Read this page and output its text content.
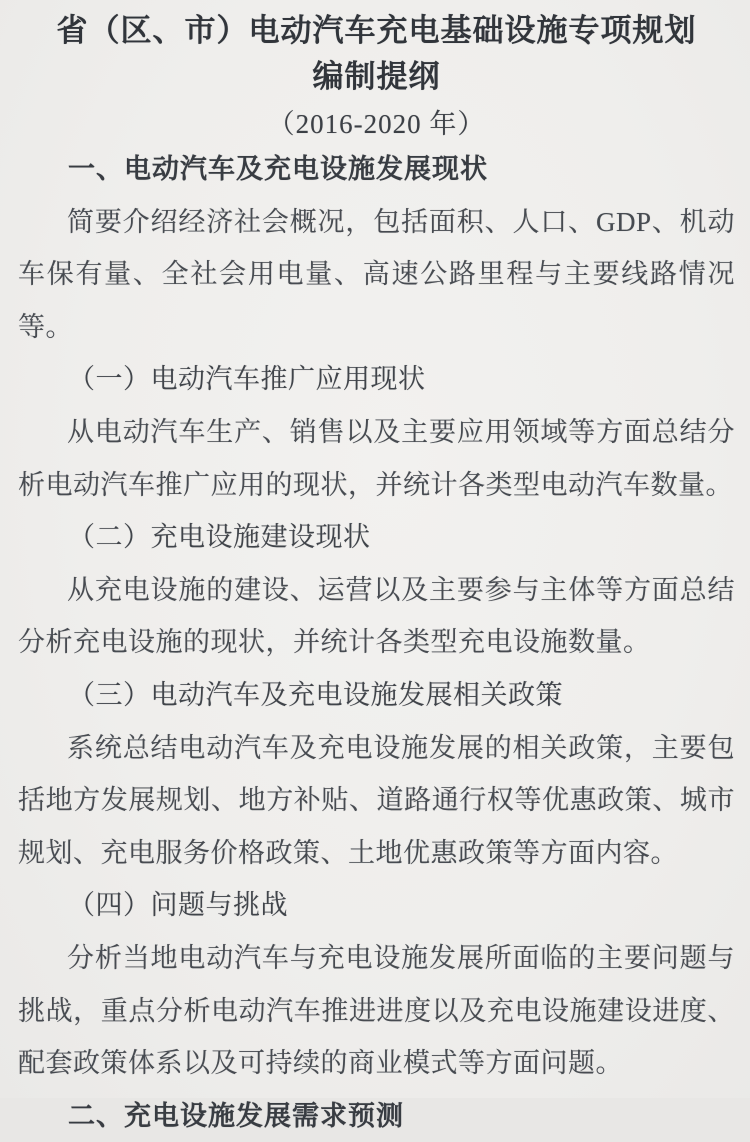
省（区、市）电动汽车充电基础设施专项规划
编制提纲
（2016-2020 年）
一、电动汽车及充电设施发展现状

简要介绍经济社会概况，包括面积、人口、GDP、机动车保有量、全社会用电量、高速公路里程与主要线路情况等。

（一）电动汽车推广应用现状

从电动汽车生产、销售以及主要应用领域等方面总结分析电动汽车推广应用的现状，并统计各类型电动汽车数量。

（二）充电设施建设现状

从充电设施的建设、运营以及主要参与主体等方面总结分析充电设施的现状，并统计各类型充电设施数量。

（三）电动汽车及充电设施发展相关政策

系统总结电动汽车及充电设施发展的相关政策，主要包括地方发展规划、地方补贴、道路通行权等优惠政策、城市规划、充电服务价格政策、土地优惠政策等方面内容。

（四）问题与挑战

分析当地电动汽车与充电设施发展所面临的主要问题与挑战，重点分析电动汽车推进进度以及充电设施建设进度、配套政策体系以及可持续的商业模式等方面问题。

二、充电设施发展需求预测
